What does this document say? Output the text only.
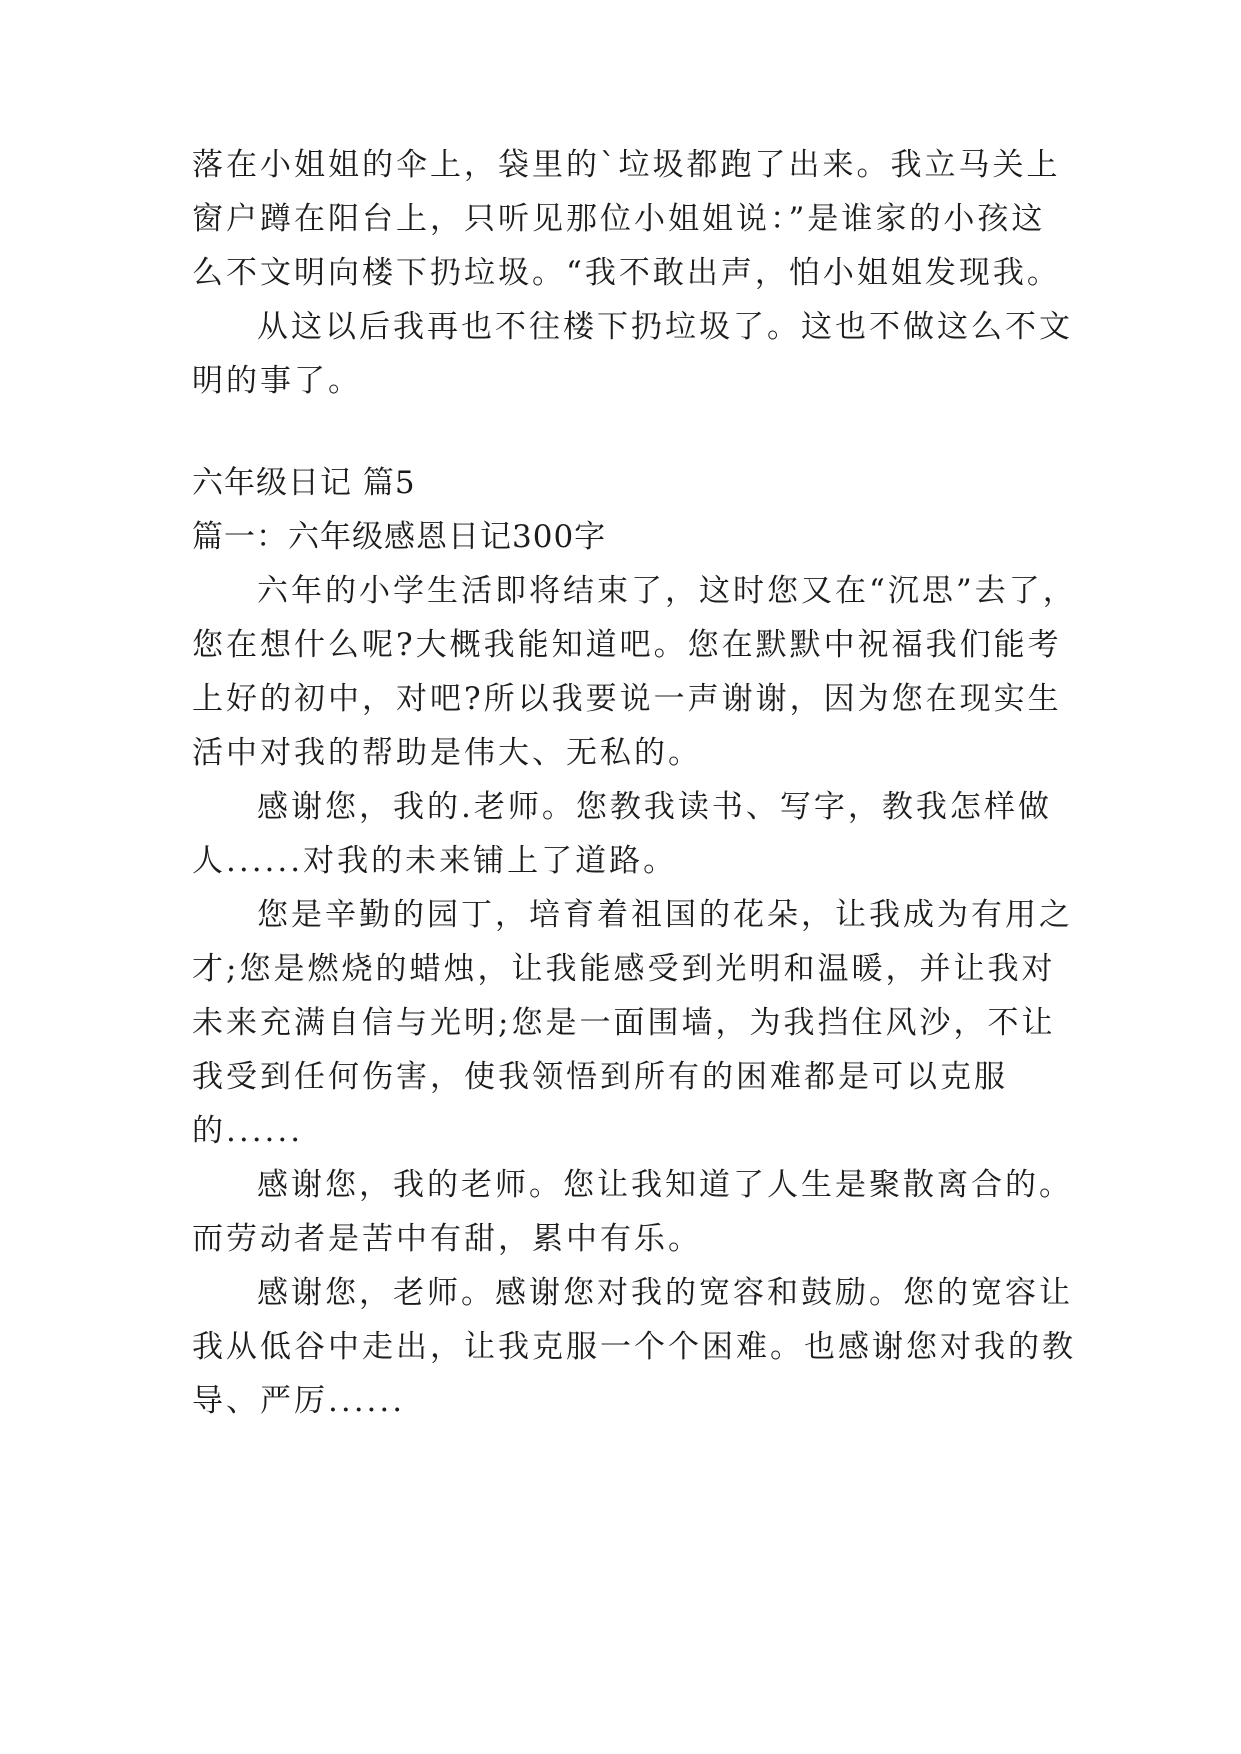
落在小姐姐的伞上，袋里的`垃圾都跑了出来。我立马关上

窗户蹲在阳台上，只听见那位小姐姐说：”是谁家的小孩这

么不文明向楼下扔垃圾。“我不敢出声，怕小姐姐发现我。

从这以后我再也不往楼下扔垃圾了。这也不做这么不文

明的事了。

六年级日记 篇5

篇一：六年级感恩日记300字

六年的小学生活即将结束了，这时您又在“沉思”去了，

您在想什么呢?大概我能知道吧。您在默默中祝福我们能考

上好的初中，对吧?所以我要说一声谢谢，因为您在现实生

活中对我的帮助是伟大、无私的。

感谢您，我的.老师。您教我读书、写字，教我怎样做

人......对我的未来铺上了道路。

您是辛勤的园丁，培育着祖国的花朵，让我成为有用之

才;您是燃烧的蜡烛，让我能感受到光明和温暖，并让我对

未来充满自信与光明;您是一面围墙，为我挡住风沙，不让

我受到任何伤害，使我领悟到所有的困难都是可以克服

的......

感谢您，我的老师。您让我知道了人生是聚散离合的。

而劳动者是苦中有甜，累中有乐。

感谢您，老师。感谢您对我的宽容和鼓励。您的宽容让

我从低谷中走出，让我克服一个个困难。也感谢您对我的教

导、严厉......
